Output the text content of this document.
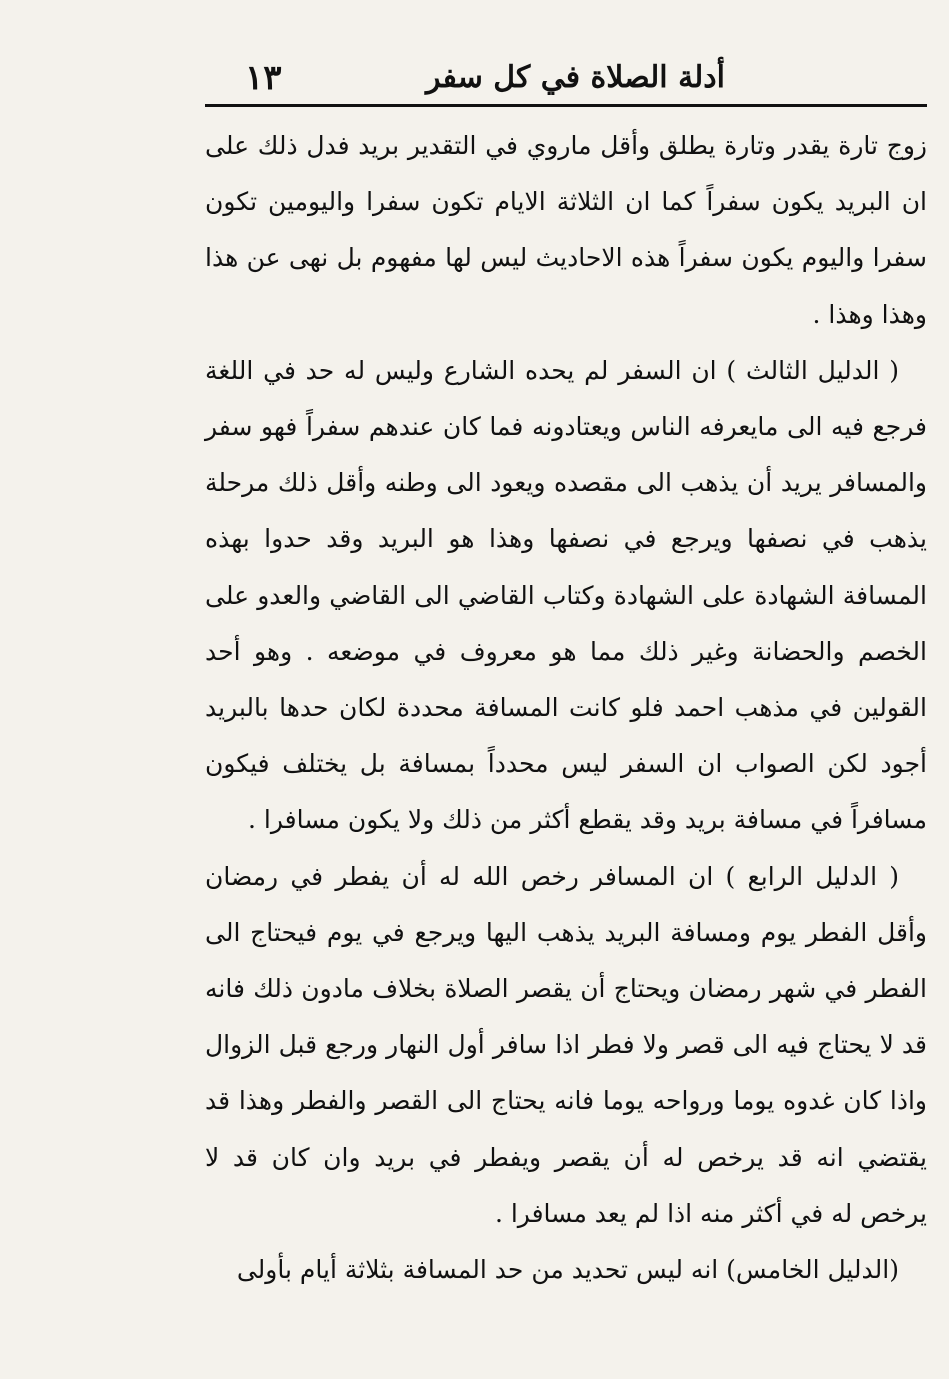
أدلة الصلاة في كل سفر
١٣

زوج تارة يقدر وتارة يطلق وأقل ماروي في التقدير بريد فدل ذلك على ان البريد يكون سفراً كما ان الثلاثة الايام تكون سفرا واليومين تكون سفرا واليوم يكون سفراً هذه الاحاديث ليس لها مفهوم بل نهى عن هذا وهذا وهذا .

( الدليل الثالث ) ان السفر لم يحده الشارع وليس له حد في اللغة فرجع فيه الى مايعرفه الناس ويعتادونه فما كان عندهم سفراً فهو سفر والمسافر يريد أن يذهب الى مقصده ويعود الى وطنه وأقل ذلك مرحلة يذهب في نصفها ويرجع في نصفها وهذا هو البريد وقد حدوا بهذه المسافة الشهادة على الشهادة وكتاب القاضي الى القاضي والعدو على الخصم والحضانة وغير ذلك مما هو معروف في موضعه . وهو أحد القولين في مذهب احمد فلو كانت المسافة محددة لكان حدها بالبريد أجود لكن الصواب ان السفر ليس محدداً بمسافة بل يختلف فيكون مسافراً في مسافة بريد وقد يقطع أكثر من ذلك ولا يكون مسافرا .

( الدليل الرابع ) ان المسافر رخص الله له أن يفطر في رمضان وأقل الفطر يوم ومسافة البريد يذهب اليها ويرجع في يوم فيحتاج الى الفطر في شهر رمضان ويحتاج أن يقصر الصلاة بخلاف مادون ذلك فانه قد لا يحتاج فيه الى قصر ولا فطر اذا سافر أول النهار ورجع قبل الزوال واذا كان غدوه يوما ورواحه يوما فانه يحتاج الى القصر والفطر وهذا قد يقتضي انه قد يرخص له أن يقصر ويفطر في بريد وان كان قد لا يرخص له في أكثر منه اذا لم يعد مسافرا .

(الدليل الخامس) انه ليس تحديد من حد المسافة بثلاثة أيام بأولى
